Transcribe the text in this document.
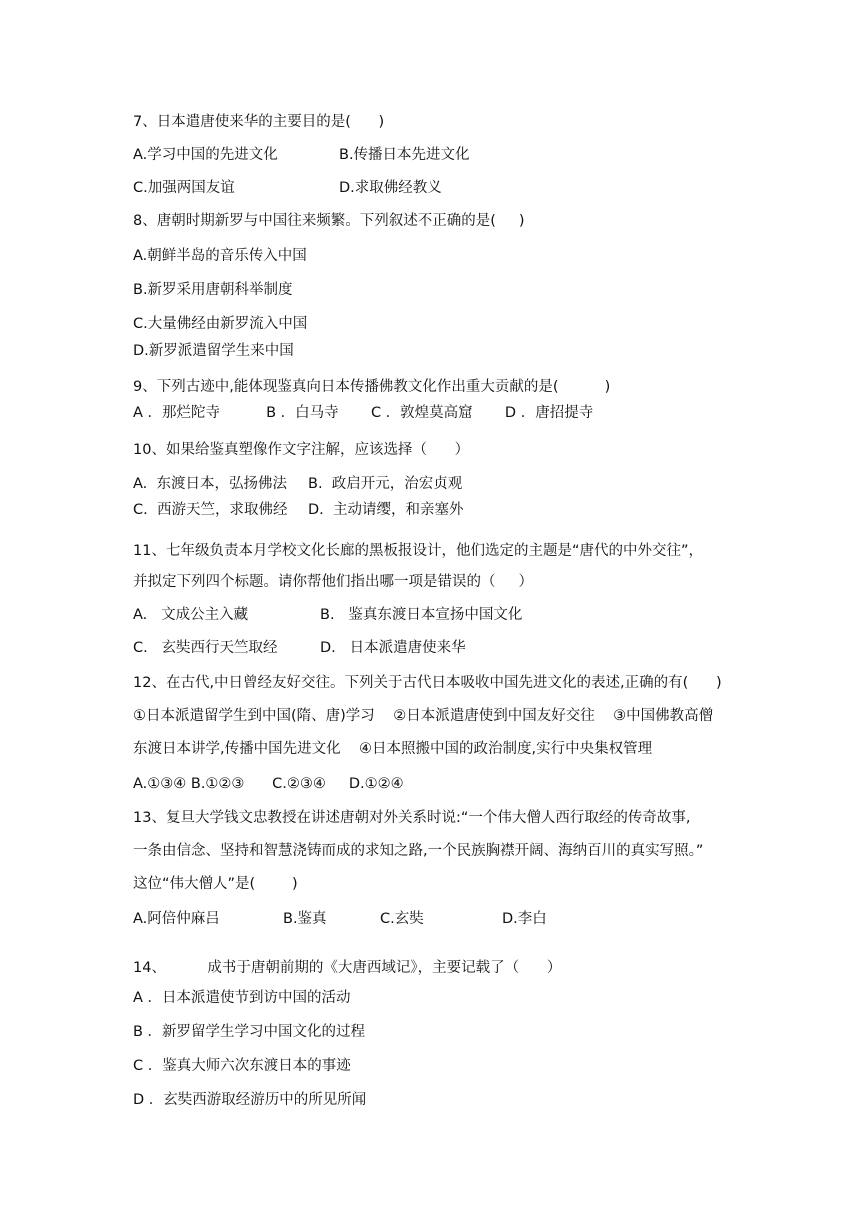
7、日本遣唐使来华的主要目的是(      )
A.学习中国的先进文化	B.传播日本先进文化
C.加强两国友谊	D.求取佛经教义
8、唐朝时期新罗与中国往来频繁。下列叙述不正确的是(     )
A.朝鲜半岛的音乐传入中国
B.新罗采用唐朝科举制度
C.大量佛经由新罗流入中国
D.新罗派遣留学生来中国
9、下列古迹中,能体现鉴真向日本传播佛教文化作出重大贡献的是(          )
A ．那烂陀寺          B ．白马寺       C ．敦煌莫高窟       D ．唐招提寺
10、如果给鉴真塑像作文字注解，应该选择（      ）
A.  东渡日本，弘扬佛法 B.  政启开元，治宏贞观
C.  西游天竺，求取佛经 D.  主动请缨，和亲塞外
11、七年级负责本月学校文化长廊的黑板报设计，他们选定的主题是“唐代的中外交往”，
并拟定下列四个标题。请你帮他们指出哪一项是错误的（     ）
A.   文成公主入藏	B.   鉴真东渡日本宣扬中国文化
C.   玄奘西行天竺取经	D.   日本派遣唐使来华
12、在古代,中日曾经友好交往。下列关于古代日本吸收中国先进文化的表述,正确的有(      )
①日本派遣留学生到中国(隋、唐)学习    ②日本派遣唐使到中国友好交往    ③中国佛教高僧
东渡日本讲学,传播中国先进文化    ④日本照搬中国的政治制度,实行中央集权管理
A.①③④ B.①②③      C.②③④     D.①②④
13、复旦大学钱文忠教授在讲述唐朝对外关系时说:“一个伟大僧人西行取经的传奇故事,
一条由信念、坚持和智慧浇铸而成的求知之路,一个民族胸襟开阔、海纳百川的真实写照。”
这位“伟大僧人”是(        )
A.阿倍仲麻吕	B.鉴真	C.玄奘	D.李白
14、         成书于唐朝前期的《大唐西域记》，主要记载了（      ）
A ．日本派遣使节到访中国的活动
B ．新罗留学生学习中国文化的过程
C ．鉴真大师六次东渡日本的事迹
D ．玄奘西游取经游历中的所见所闻
